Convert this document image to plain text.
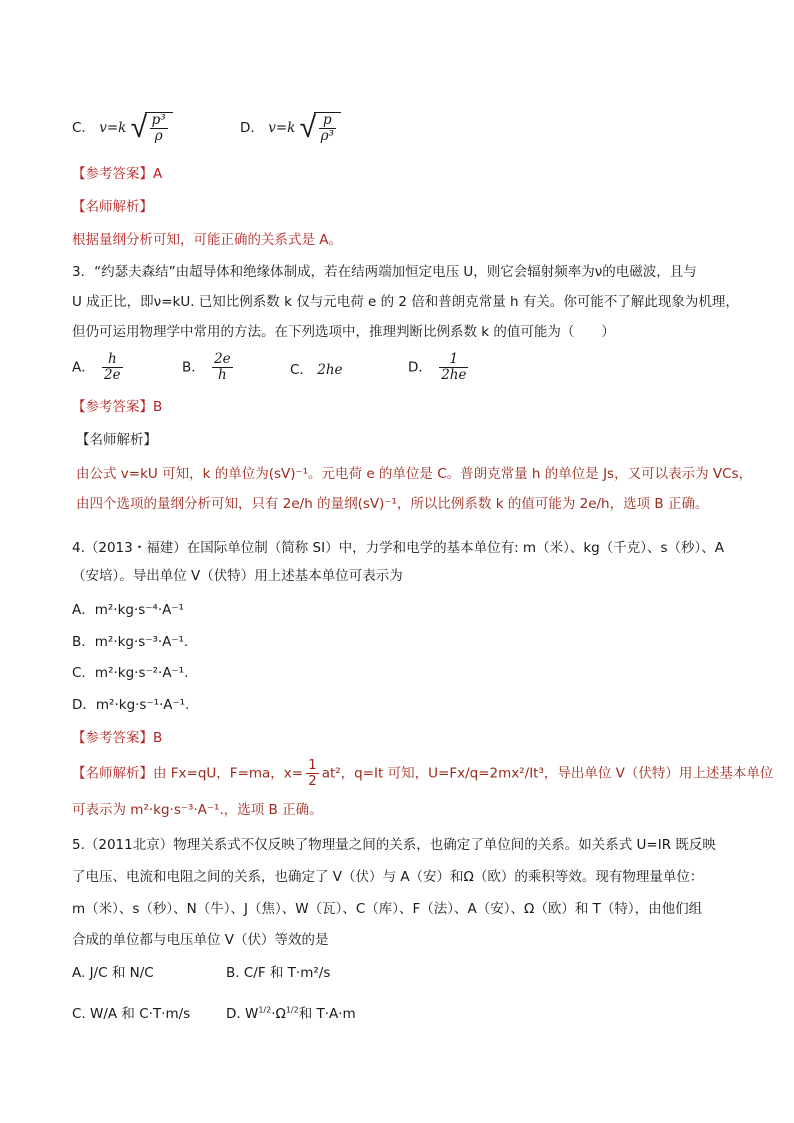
C． v=k √ $\frac{\text{p³}}{\rho}$	D． v=k √ $\frac{p}{\text{ρ³}}$
【参考答案】A
【名师解析】
根据量纲分析可知，可能正确的关系式是 A。
3．“约瑟夫森结”由超导体和绝缘体制成，若在结两端加恒定电压 U，则它会辐射频率为ν的电磁波，且与
U 成正比，即ν=kU. 已知比例系数 k 仅与元电荷 e 的 2 倍和普朗克常量 h 有关。你可能不了解此现象为机理，
但仍可运用物理学中常用的方法。在下列选项中，推理判断比例系数 k 的值可能为（　　）
A． $\frac{h}{2e}$	B． $\frac{2e}{h}$	C． 2he	D． $\frac{1}{2he}$
【参考答案】B
【名师解析】
由公式 v=kU 可知，k 的单位为(sV)⁻¹。元电荷 e 的单位是 C。普朗克常量 h 的单位是 Js，又可以表示为 VCs，
由四个选项的量纲分析可知，只有 2e/h 的量纲(sV)⁻¹，所以比例系数 k 的值可能为 2e/h，选项 B 正确。
4.（2013・福建）在国际单位制（简称 SI）中，力学和电学的基本单位有: m（米）、kg（千克）、s（秒）、A
（安培）。导出单位 V（伏特）用上述基本单位可表示为
A．m²·kg·s⁻⁴·A⁻¹
B．m²·kg·s⁻³·A⁻¹.
C．m²·kg·s⁻²·A⁻¹.
D．m²·kg·s⁻¹·A⁻¹.
【参考答案】B
【名师解析】由 Fx=qU，F=ma，$x= \frac{1}{2} at^2$，q=It 可知，U=Fx/q=2mx²/It³，导出单位 V（伏特）用上述基本单位
可表示为 m²·kg·s⁻³·A⁻¹.，选项 B 正确。
5.（2011北京）物理关系式不仅反映了物理量之间的关系，也确定了单位间的关系。如关系式 U=IR 既反映
了电压、电流和电阻之间的关系，也确定了 V（伏）与 A（安）和Ω（欧）的乘积等效。现有物理量单位：
m（米）、s（秒）、N（牛）、J（焦）、W（瓦）、C（库）、F（法）、A（安）、Ω（欧）和 T（特），由他们组
合成的单位都与电压单位 V（伏）等效的是
A. J/C 和 N/C	B. C/F 和 T·m²/s
C. W/A 和 C·T·m/s	D. $W^{1/2}\cdot\Omega^{1/2}$和 T·A·m
